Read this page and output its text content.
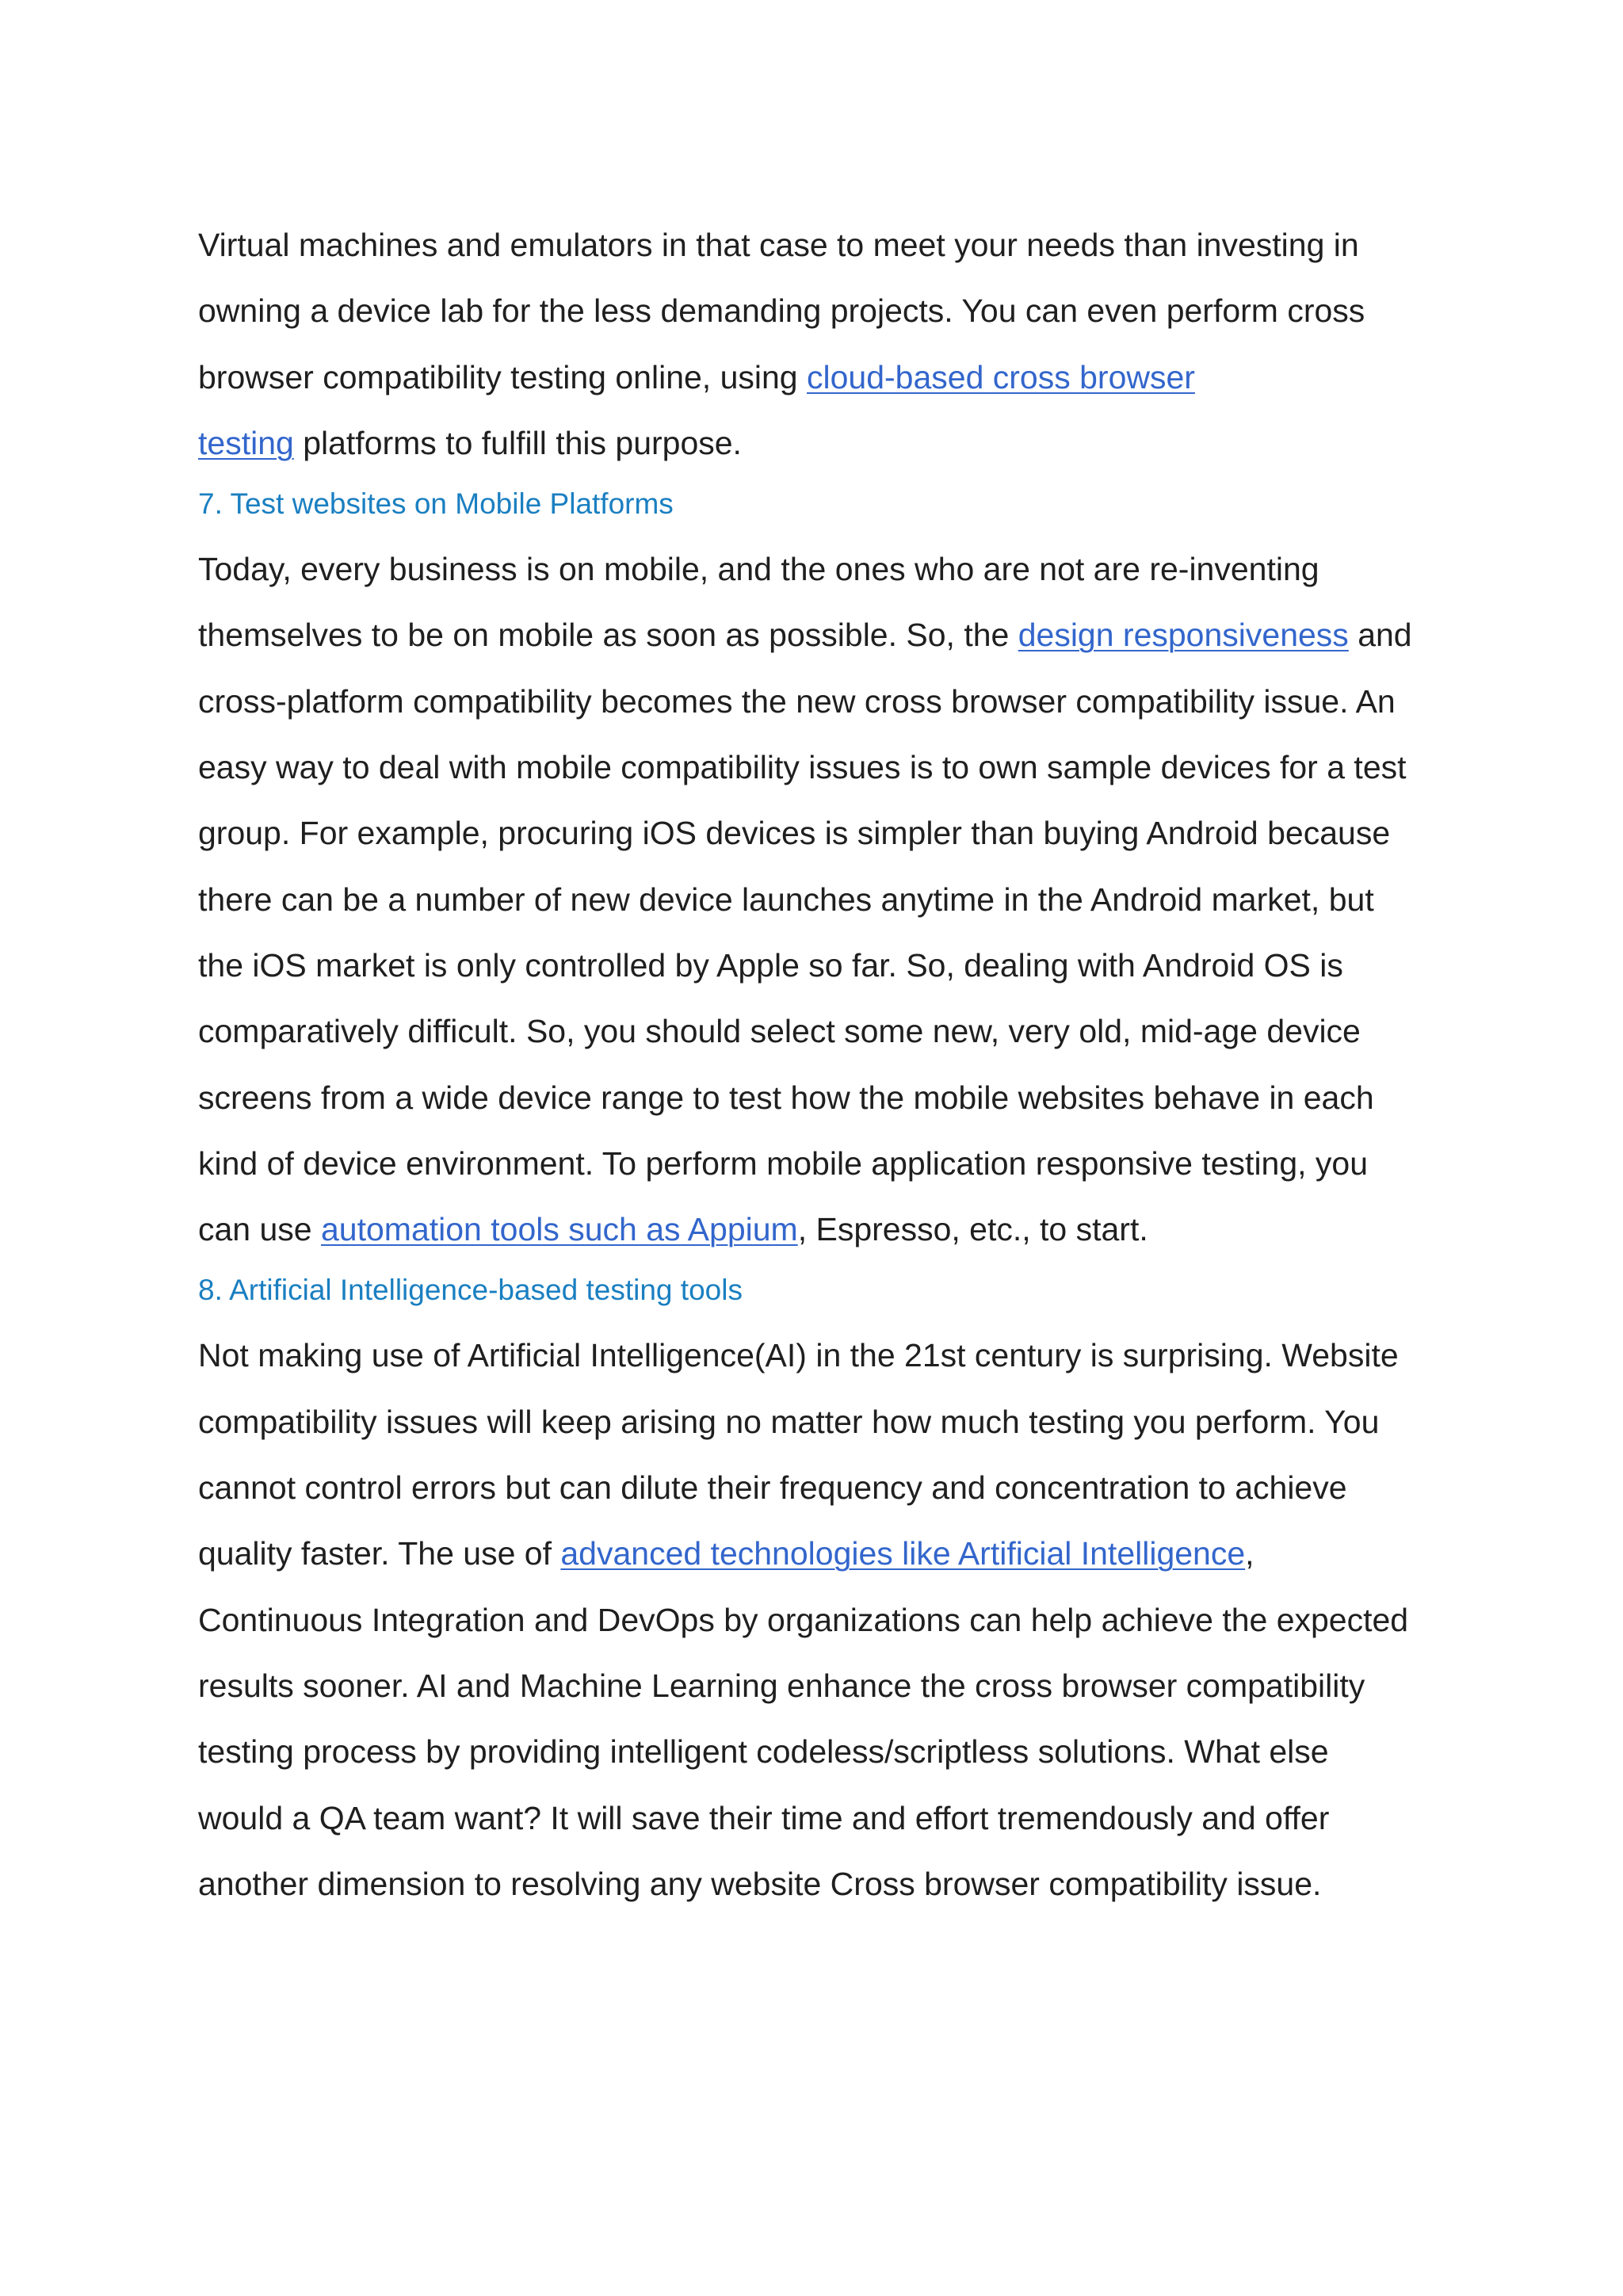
Virtual machines and emulators in that case to meet your needs than investing in
owning a device lab for the less demanding projects. You can even perform cross
browser compatibility testing online, using cloud-based cross browser
testing platforms to fulfill this purpose.

7. Test websites on Mobile Platforms

Today, every business is on mobile, and the ones who are not are re-inventing
themselves to be on mobile as soon as possible. So, the design responsiveness and
cross-platform compatibility becomes the new cross browser compatibility issue. An
easy way to deal with mobile compatibility issues is to own sample devices for a test
group. For example, procuring iOS devices is simpler than buying Android because
there can be a number of new device launches anytime in the Android market, but
the iOS market is only controlled by Apple so far. So, dealing with Android OS is
comparatively difficult. So, you should select some new, very old, mid-age device
screens from a wide device range to test how the mobile websites behave in each
kind of device environment. To perform mobile application responsive testing, you
can use automation tools such as Appium, Espresso, etc., to start.

8. Artificial Intelligence-based testing tools

Not making use of Artificial Intelligence(AI) in the 21st century is surprising. Website
compatibility issues will keep arising no matter how much testing you perform. You
cannot control errors but can dilute their frequency and concentration to achieve
quality faster. The use of advanced technologies like Artificial Intelligence,
Continuous Integration and DevOps by organizations can help achieve the expected
results sooner. AI and Machine Learning enhance the cross browser compatibility
testing process by providing intelligent codeless/scriptless solutions. What else
would a QA team want? It will save their time and effort tremendously and offer
another dimension to resolving any website Cross browser compatibility issue.
